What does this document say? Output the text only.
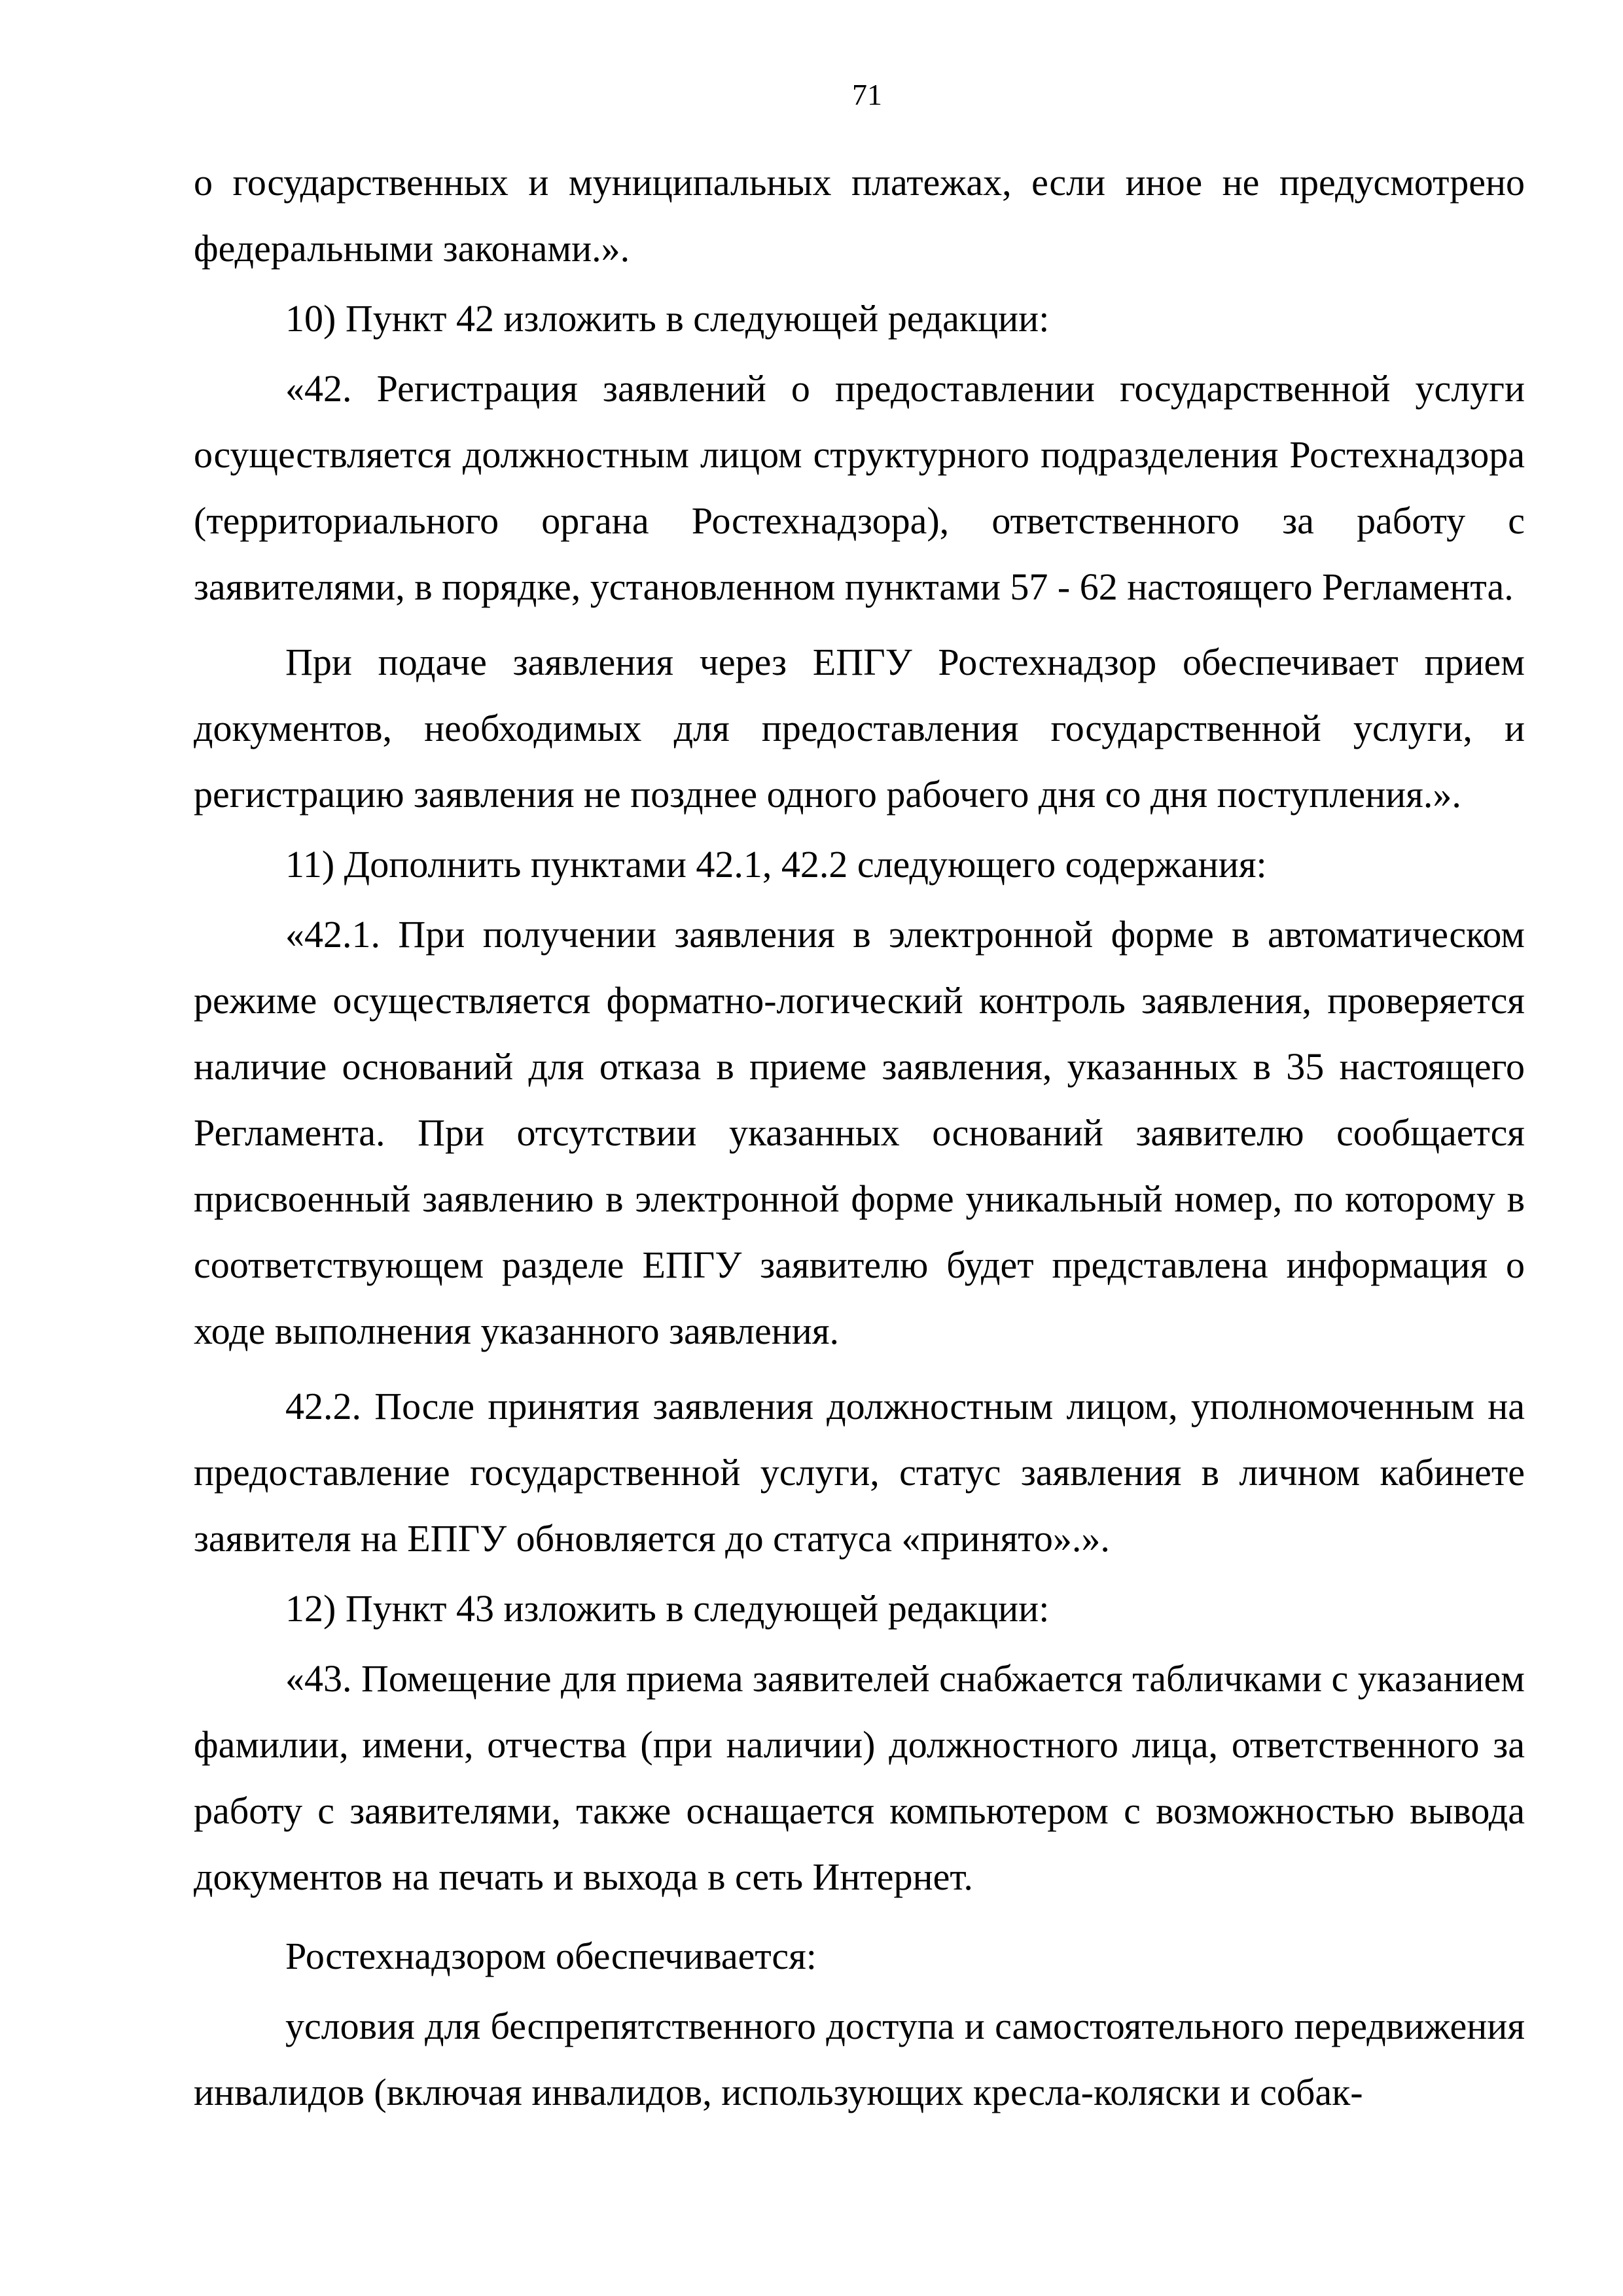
71

о государственных и муниципальных платежах, если иное не предусмотрено федеральными законами.».

10) Пункт 42 изложить в следующей редакции:

«42. Регистрация заявлений о предоставлении государственной услуги осуществляется должностным лицом структурного подразделения Ростехнадзора (территориального органа Ростехнадзора), ответственного за работу с заявителями, в порядке, установленном пунктами 57 - 62 настоящего Регламента.

При подаче заявления через ЕПГУ Ростехнадзор обеспечивает прием документов, необходимых для предоставления государственной услуги, и регистрацию заявления не позднее одного рабочего дня со дня поступления.».

11) Дополнить пунктами 42.1, 42.2 следующего содержания:

«42.1. При получении заявления в электронной форме в автоматическом режиме осуществляется форматно-логический контроль заявления, проверяется наличие оснований для отказа в приеме заявления, указанных в 35 настоящего Регламента. При отсутствии указанных оснований заявителю сообщается присвоенный заявлению в электронной форме уникальный номер, по которому в соответствующем разделе ЕПГУ заявителю будет представлена информация о ходе выполнения указанного заявления.

42.2. После принятия заявления должностным лицом, уполномоченным на предоставление государственной услуги, статус заявления в личном кабинете заявителя на ЕПГУ обновляется до статуса «принято».».

12) Пункт 43 изложить в следующей редакции:

«43. Помещение для приема заявителей снабжается табличками с указанием фамилии, имени, отчества (при наличии) должностного лица, ответственного за работу с заявителями, также оснащается компьютером с возможностью вывода документов на печать и выхода в сеть Интернет.

Ростехнадзором обеспечивается:

условия для беспрепятственного доступа и самостоятельного передвижения инвалидов (включая инвалидов, использующих кресла-коляски и собак-
